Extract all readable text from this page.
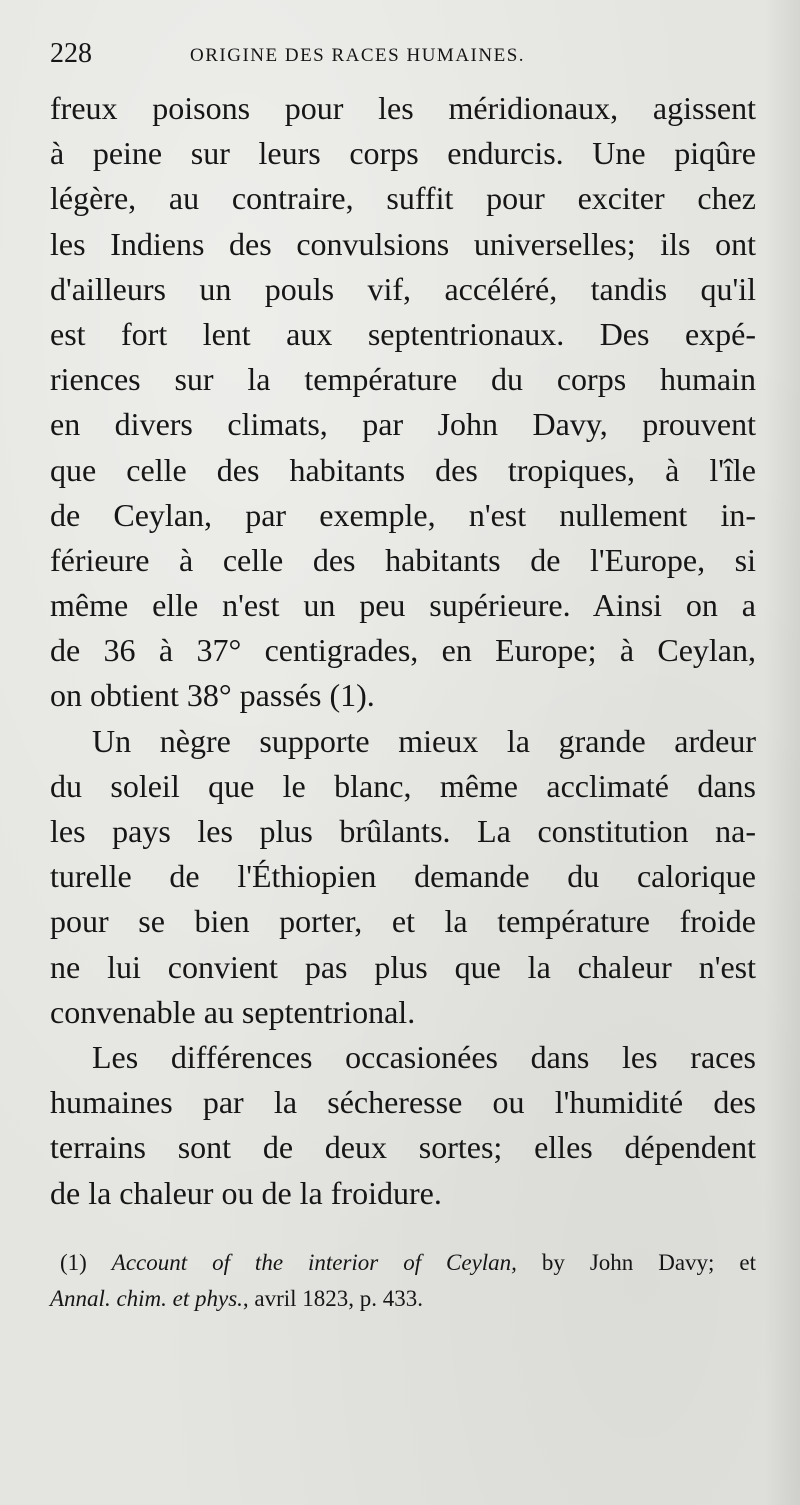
228	ORIGINE DES RACES HUMAINES.
freux poisons pour les méridionaux, agissent
à peine sur leurs corps endurcis. Une piqûre
légère, au contraire, suffit pour exciter chez
les Indiens des convulsions universelles; ils ont
d'ailleurs un pouls vif, accéléré, tandis qu'il
est fort lent aux septentrionaux. Des expé-
riences sur la température du corps humain
en divers climats, par John Davy, prouvent
que celle des habitants des tropiques, à l'île
de Ceylan, par exemple, n'est nullement in-
férieure à celle des habitants de l'Europe, si
même elle n'est un peu supérieure. Ainsi on a
de 36 à 37° centigrades, en Europe; à Ceylan,
on obtient 38° passés (1).
Un nègre supporte mieux la grande ardeur
du soleil que le blanc, même acclimaté dans
les pays les plus brûlants. La constitution na-
turelle de l'Éthiopien demande du calorique
pour se bien porter, et la température froide
ne lui convient pas plus que la chaleur n'est
convenable au septentrional.
Les différences occasionées dans les races
humaines par la sécheresse ou l'humidité des
terrains sont de deux sortes; elles dépendent
de la chaleur ou de la froidure.
(1) Account of the interior of Ceylan, by John Davy; et
Annal. chim. et phys., avril 1823, p. 433.
